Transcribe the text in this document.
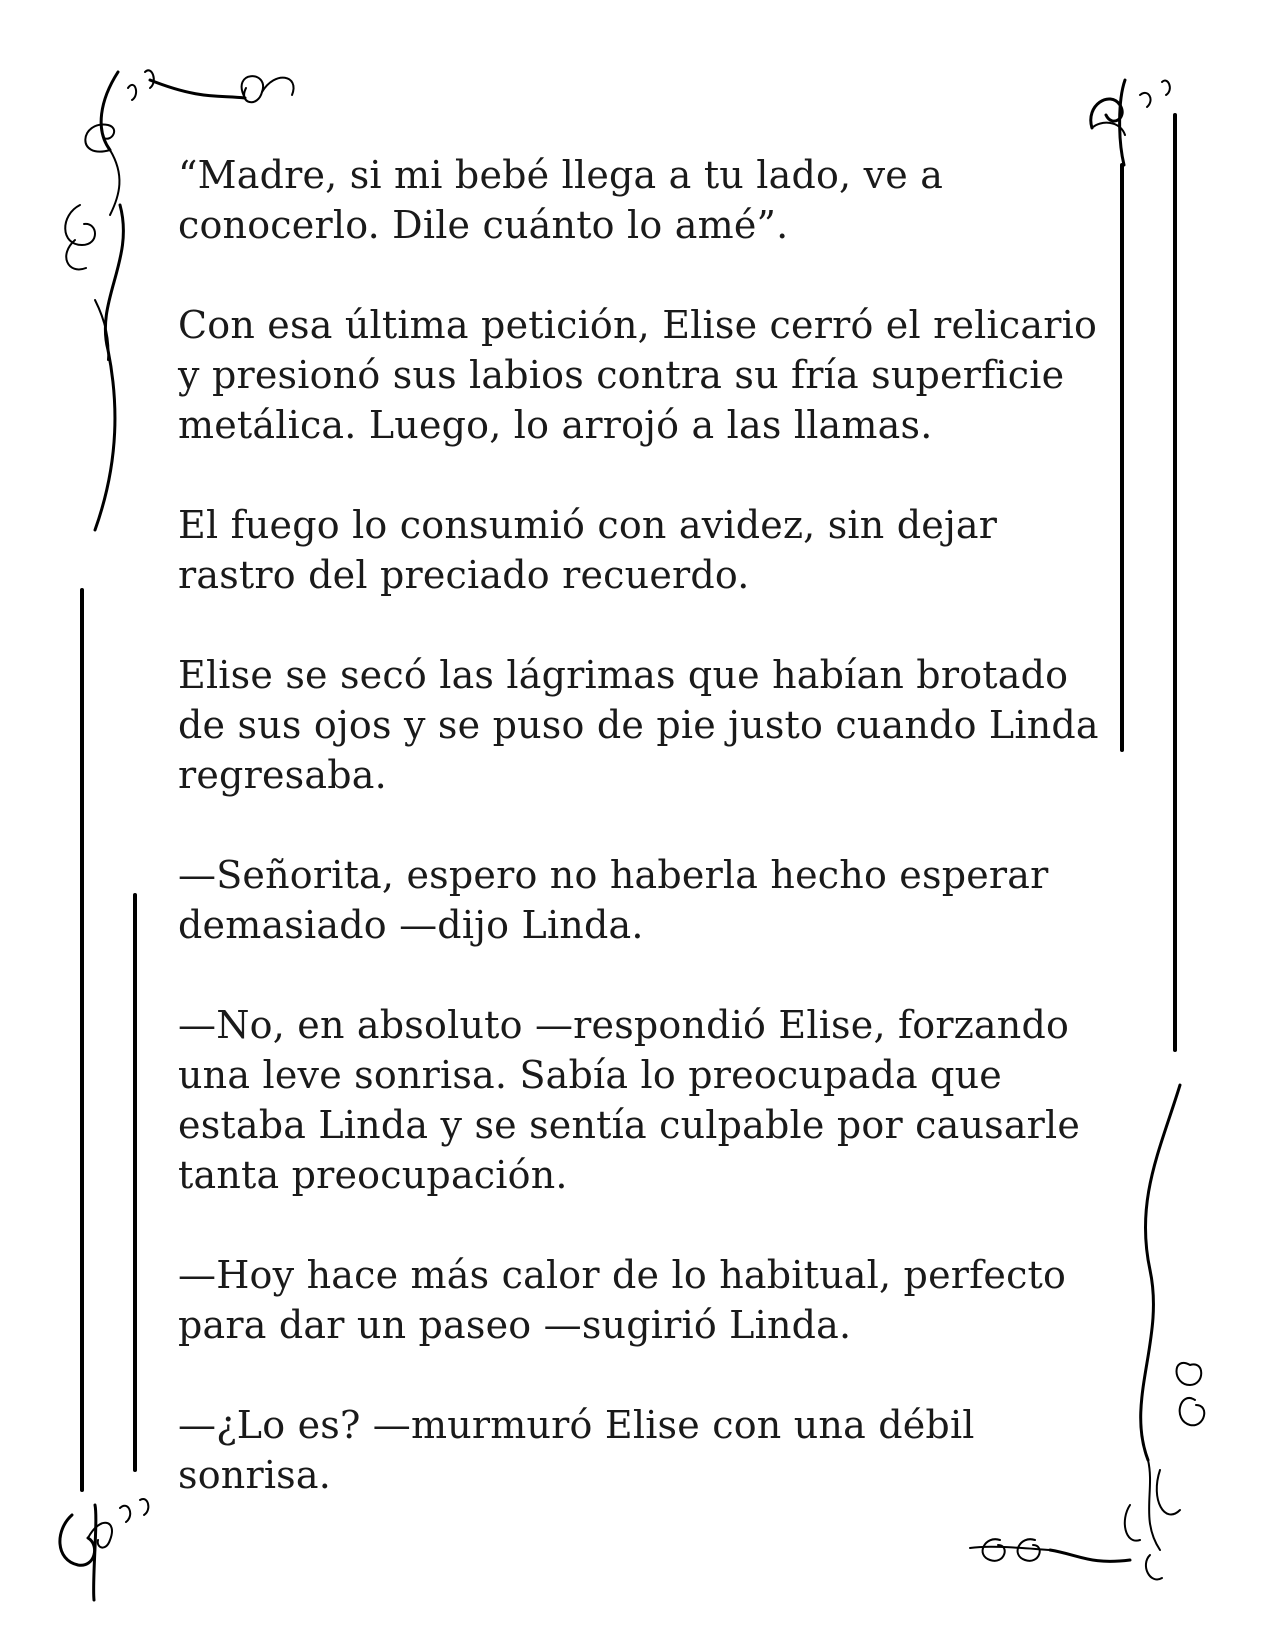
“Madre, si mi bebé llega a tu lado, ve a conocerlo. Dile cuánto lo amé”.

Con esa última petición, Elise cerró el relicario y presionó sus labios contra su fría superficie metálica. Luego, lo arrojó a las llamas.

El fuego lo consumió con avidez, sin dejar rastro del preciado recuerdo.

Elise se secó las lágrimas que habían brotado de sus ojos y se puso de pie justo cuando Linda regresaba.

—Señorita, espero no haberla hecho esperar demasiado —dijo Linda.

—No, en absoluto —respondió Elise, forzando una leve sonrisa. Sabía lo preocupada que estaba Linda y se sentía culpable por causarle tanta preocupación.

—Hoy hace más calor de lo habitual, perfecto para dar un paseo —sugirió Linda.

—¿Lo es? —murmuró Elise con una débil sonrisa.
